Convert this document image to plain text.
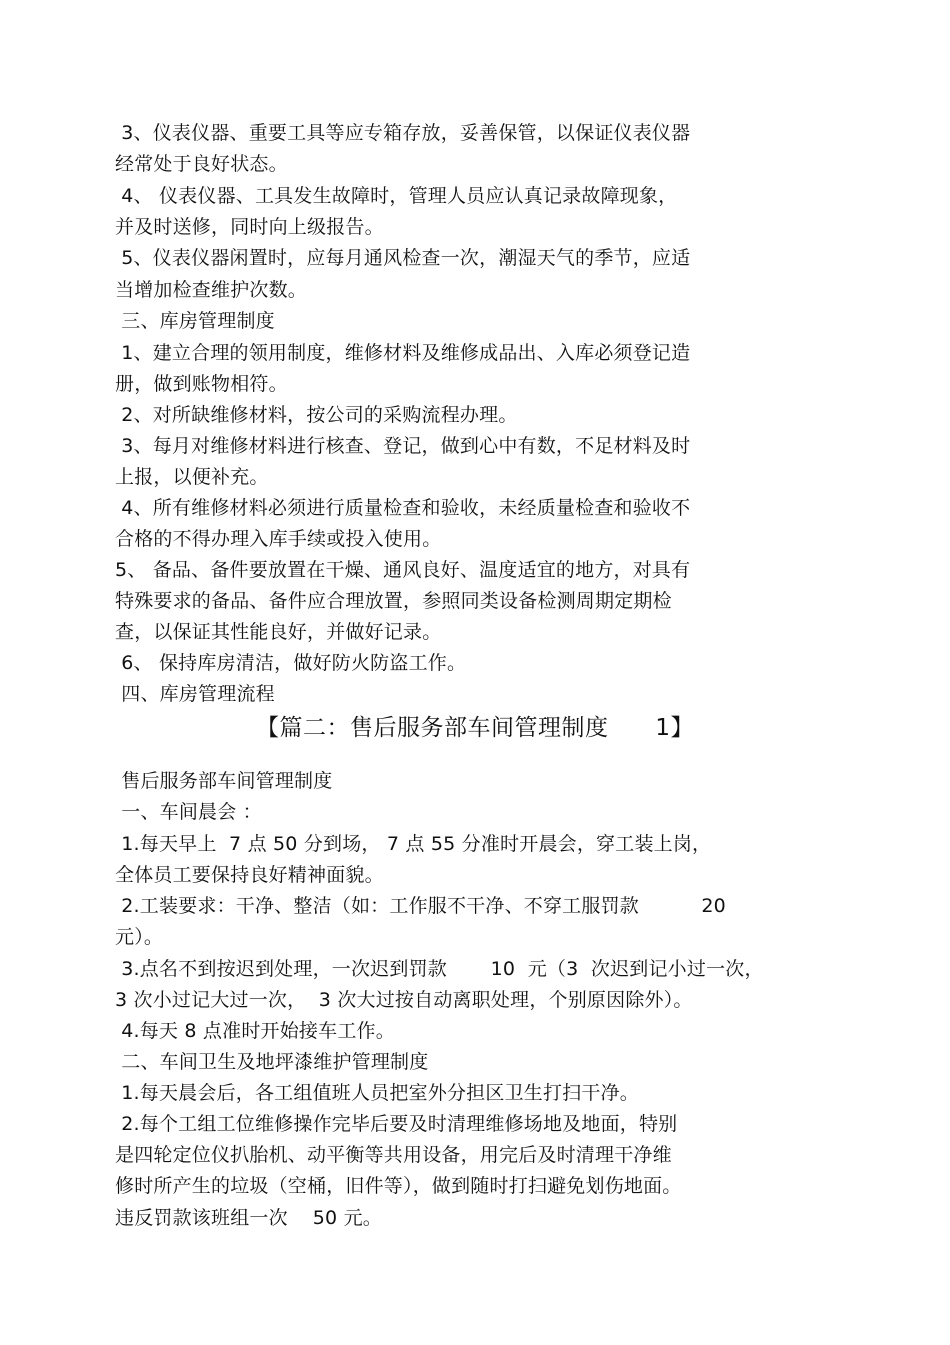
3、仪表仪器、重要工具等应专箱存放，妥善保管，以保证仪表仪器
经常处于良好状态。
4、 仪表仪器、工具发生故障时，管理人员应认真记录故障现象，
并及时送修，同时向上级报告。
5、仪表仪器闲置时，应每月通风检查一次，潮湿天气的季节，应适
当增加检查维护次数。
三、库房管理制度
1、建立合理的领用制度，维修材料及维修成品出、入库必须登记造
册，做到账物相符。
2、对所缺维修材料，按公司的采购流程办理。
3、每月对维修材料进行核查、登记，做到心中有数，不足材料及时
上报，以便补充。
4、所有维修材料必须进行质量检查和验收，未经质量检查和验收不
合格的不得办理入库手续或投入使用。
5、 备品、备件要放置在干燥、通风良好、温度适宜的地方，对具有
特殊要求的备品、备件应合理放置，参照同类设备检测周期定期检
查，以保证其性能良好，并做好记录。
6、 保持库房清洁，做好防火防盗工作。
四、库房管理流程
【篇二：售后服务部车间管理制度      1】
售后服务部车间管理制度
一、车间晨会 ：
1.每天早上  7 点 50 分到场， 7 点 55 分准时开晨会，穿工装上岗，
全体员工要保持良好精神面貌。
2.工装要求：干净、整洁（如：工作服不干净、不穿工服罚款          20
元）。
3.点名不到按迟到处理，一次迟到罚款       10  元（3  次迟到记小过一次，
3 次小过记大过一次，  3 次大过按自动离职处理，个别原因除外）。
4.每天 8 点准时开始接车工作。
二、车间卫生及地坪漆维护管理制度
1.每天晨会后，各工组值班人员把室外分担区卫生打扫干净。
2.每个工组工位维修操作完毕后要及时清理维修场地及地面，特别
是四轮定位仪扒胎机、动平衡等共用设备，用完后及时清理干净维
修时所产生的垃圾（空桶，旧件等），做到随时打扫避免划伤地面。
违反罚款该班组一次    50 元。
